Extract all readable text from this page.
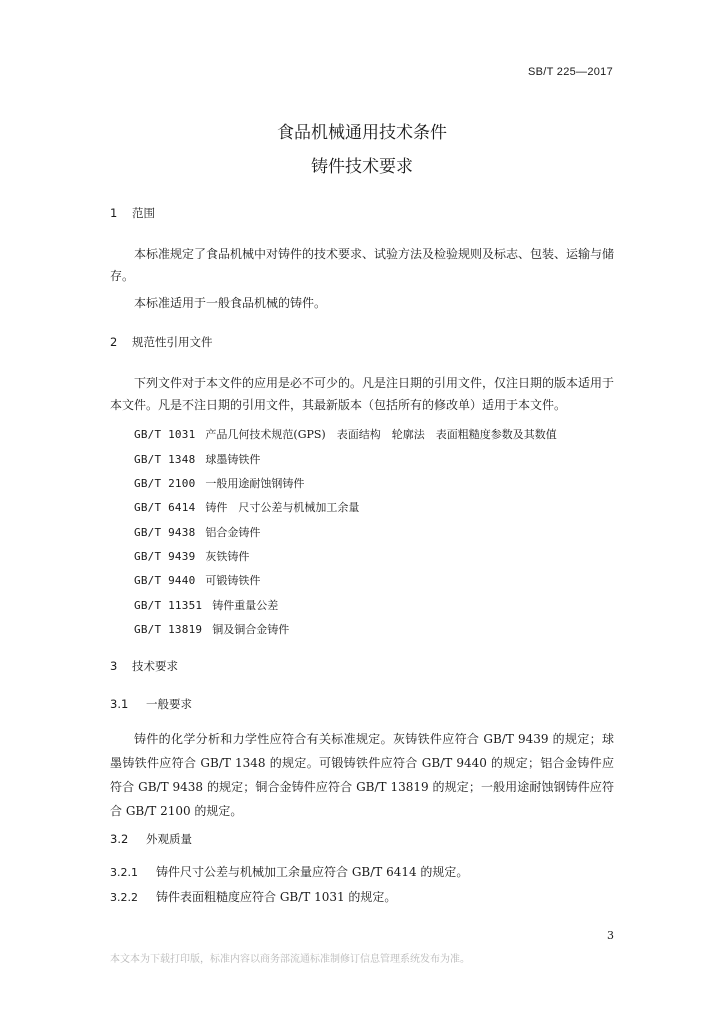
SB/T 225—2017
食品机械通用技术条件
铸件技术要求
1 范围
本标准规定了食品机械中对铸件的技术要求、试验方法及检验规则及标志、包装、运输与储存。
本标准适用于一般食品机械的铸件。
2 规范性引用文件
下列文件对于本文件的应用是必不可少的。凡是注日期的引用文件，仅注日期的版本适用于本文件。凡是不注日期的引用文件，其最新版本（包括所有的修改单）适用于本文件。
GB/T 1031 产品几何技术规范(GPS)　表面结构　轮廓法　表面粗糙度参数及其数值
GB/T 1348 球墨铸铁件
GB/T 2100 一般用途耐蚀钢铸件
GB/T 6414 铸件　尺寸公差与机械加工余量
GB/T 9438 铝合金铸件
GB/T 9439 灰铁铸件
GB/T 9440 可锻铸铁件
GB/T 11351 铸件重量公差
GB/T 13819 铜及铜合金铸件
3 技术要求
3.1 一般要求
铸件的化学分析和力学性应符合有关标准规定。灰铸铁件应符合 GB/T 9439 的规定；球墨铸铁件应符合 GB/T 1348 的规定。可锻铸铁件应符合 GB/T 9440 的规定；铝合金铸件应符合 GB/T 9438 的规定；铜合金铸件应符合 GB/T 13819 的规定；一般用途耐蚀钢铸件应符合 GB/T 2100 的规定。
3.2 外观质量
3.2.1 铸件尺寸公差与机械加工余量应符合 GB/T 6414 的规定。
3.2.2 铸件表面粗糙度应符合 GB/T 1031 的规定。
3
本文本为下载打印版，标准内容以商务部流通标准制修订信息管理系统发布为准。
